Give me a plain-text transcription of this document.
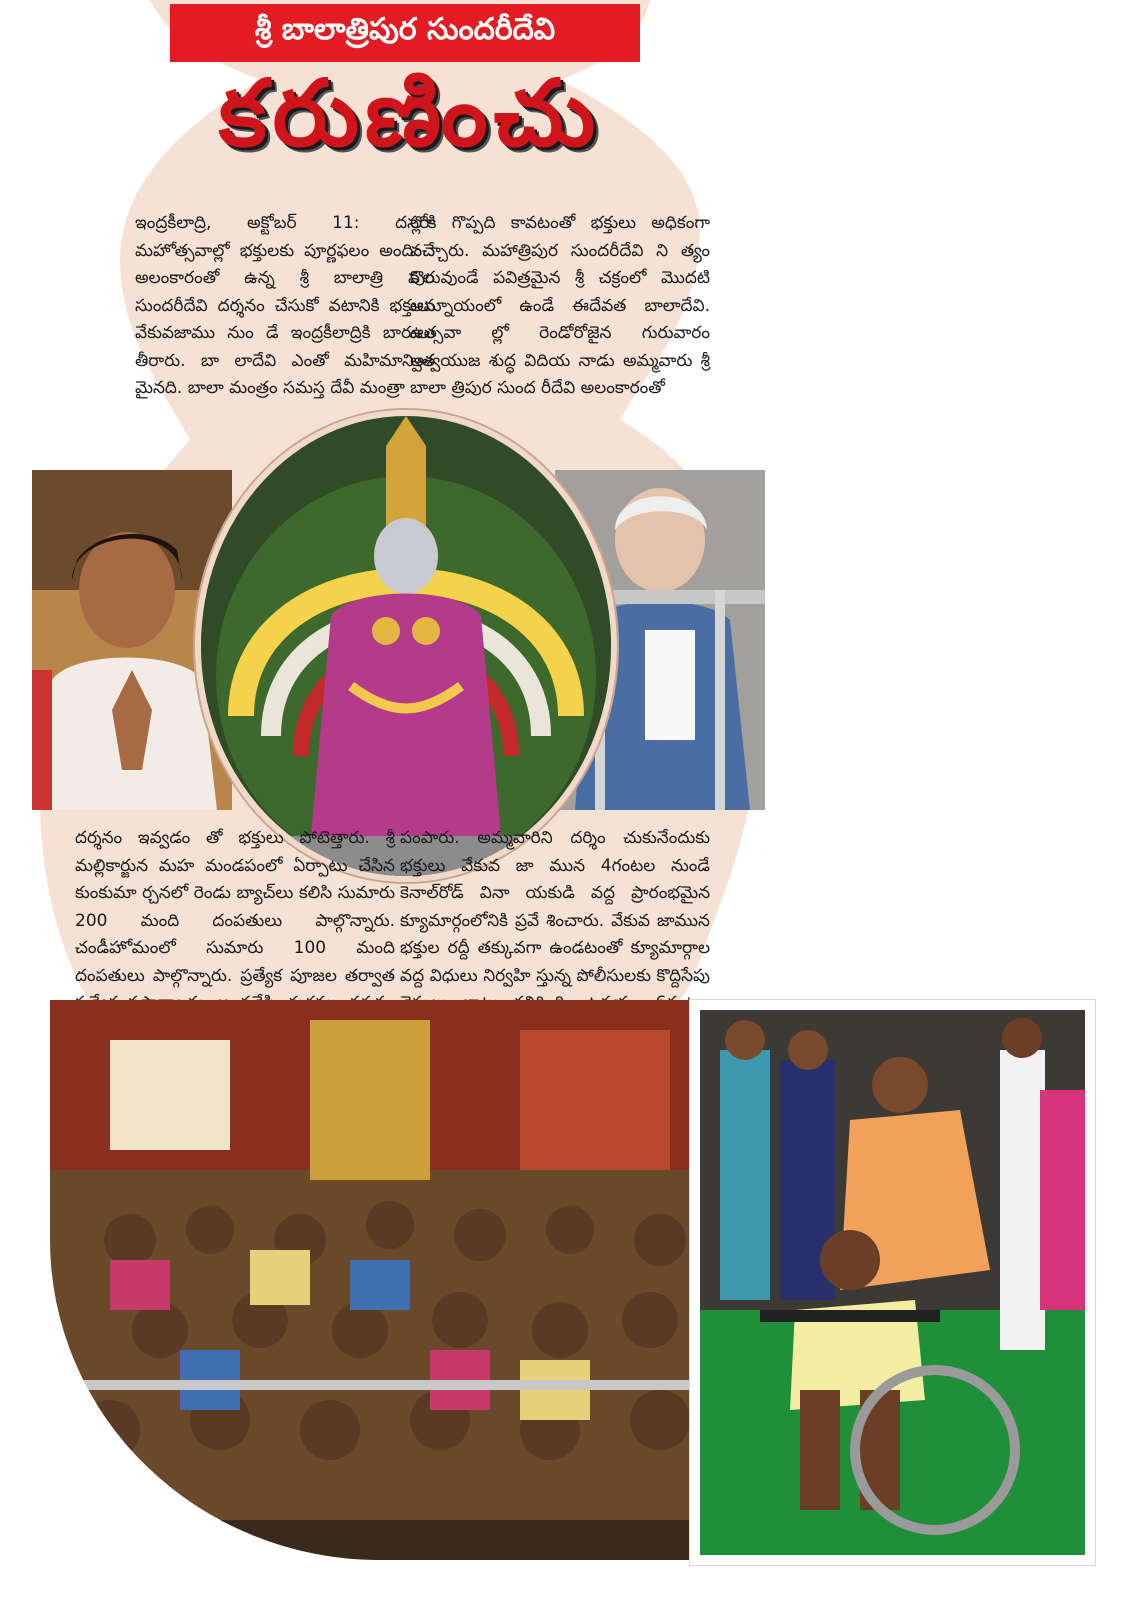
శ్రీ బాలాత్రిపుర సుందరీదేవి
కరుణించు
ఇంద్రకీలాద్రి, అక్టోబర్ 11: దసరా మహోత్సవాల్లో భక్తులకు పూర్ణఫలం అందించే అలంకారంతో ఉన్న శ్రీ బాలాత్రి పుర సుందరీదేవి దర్శనం చేసుకో వటానికి భక్తులు వేకువజాము నుం డే ఇంద్రకీలాద్రికి బారులు తీరారు. బా లాదేవి ఎంతో మహిమాన్విత మైనది. బాలా మంత్రం సమస్త దేవీ మంత్రా
ల్లోకి గొప్పది కావటంతో భక్తులు అధికంగా వచ్చారు. మహాత్రిపుర సుందరీదేవి ని త్యం కొలువుండే పవిత్రమైన శ్రీ చక్రంలో మొదటి అమ్నాయంలో ఉండే ఈదేవత బాలాదేవి. ఉత్సవా ల్లో రెండోరోజైన గురువారం ఆశ్వయుజ శుద్ధ విదియ నాడు అమ్మవారు శ్రీ బాలా త్రిపుర సుంద రీదేవి అలంకారంతో
దర్శనం ఇవ్వడం తో భక్తులు పోటెత్తారు. శ్రీ మల్లికార్జున మహ మండపంలో ఏర్పాటు చేసిన కుంకుమా ర్చనలో రెండు బ్యాచ్‌లు కలిసి సుమారు 200 మంది దంపతులు పాల్గొన్నారు. చండీహోమంలో సుమారు 100 మంది దంపతులు పాల్గొన్నారు. ప్రత్యేక పూజల తర్వాత
పంపారు. అమ్మవారిని దర్శిం చుకునేందుకు భక్తులు వేకువ జా మున 4గంటల నుండే కెనాల్‌రోడ్ వినా యకుడి వద్ద ప్రారంభమైన క్యూమార్గంలోనికి ప్రవే శించారు. వేకువ జామున భక్తుల రద్దీ తక్కువగా ఉండటంతో క్యూమార్గాల వద్ద విధులు నిర్వహి స్తున్న పోలీసులకు కొద్దిసేపు
